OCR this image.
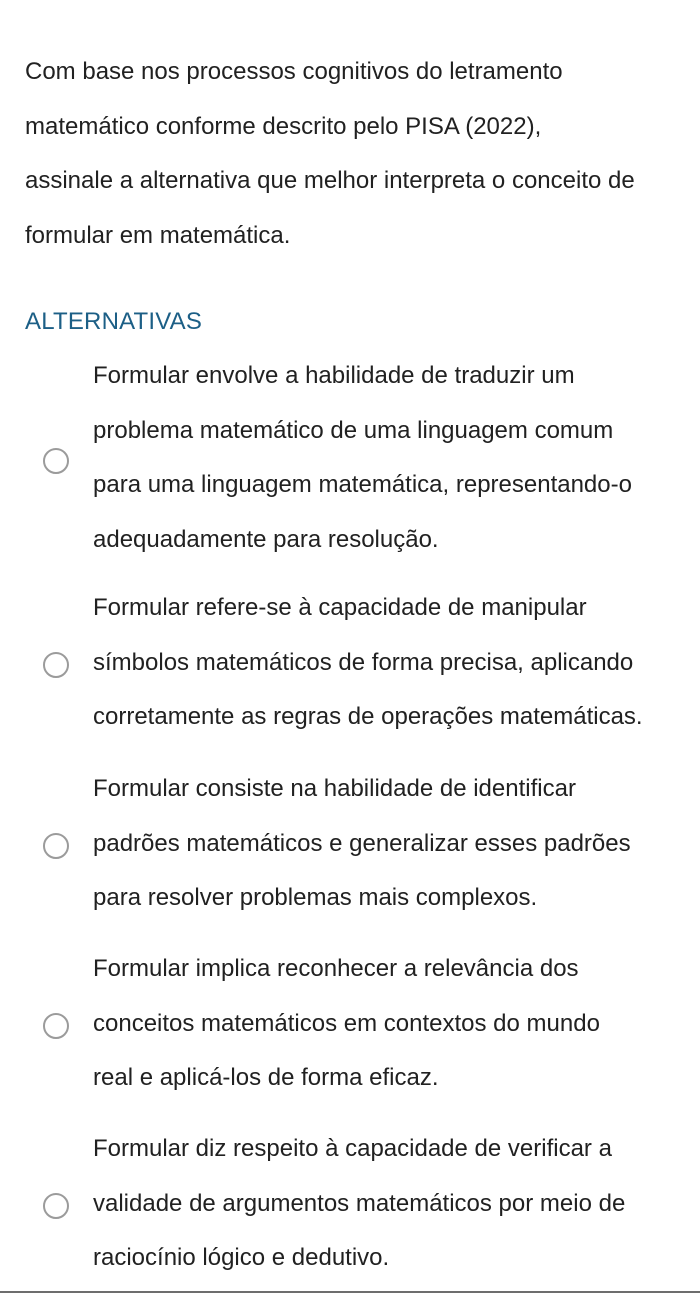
Com base nos processos cognitivos do letramento
matemático conforme descrito pelo PISA (2022),
assinale a alternativa que melhor interpreta o conceito de
formular em matemática.
ALTERNATIVAS
Formular envolve a habilidade de traduzir um
problema matemático de uma linguagem comum
para uma linguagem matemática, representando-o
adequadamente para resolução.
Formular refere-se à capacidade de manipular
símbolos matemáticos de forma precisa, aplicando
corretamente as regras de operações matemáticas.
Formular consiste na habilidade de identificar
padrões matemáticos e generalizar esses padrões
para resolver problemas mais complexos.
Formular implica reconhecer a relevância dos
conceitos matemáticos em contextos do mundo
real e aplicá-los de forma eficaz.
Formular diz respeito à capacidade de verificar a
validade de argumentos matemáticos por meio de
raciocínio lógico e dedutivo.
